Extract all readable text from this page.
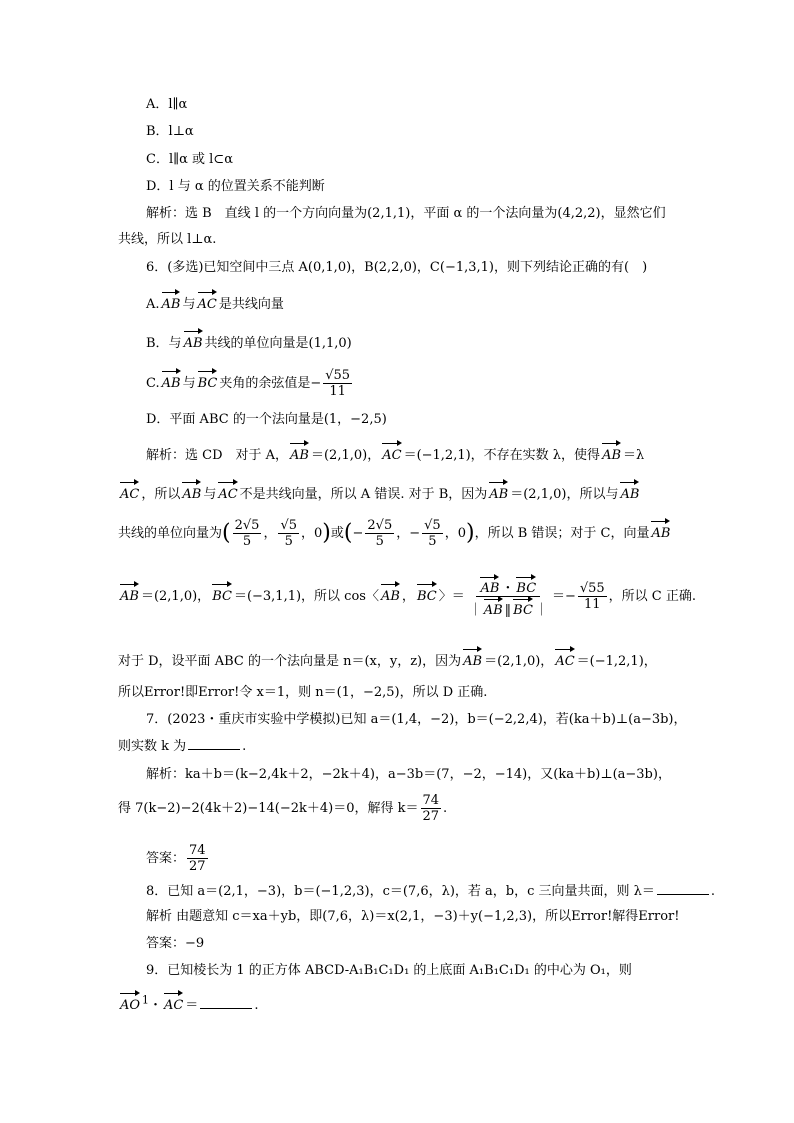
A．l∥α
B．l⊥α
C．l∥α 或 l⊂α
D．l 与 α 的位置关系不能判断
解析：选 B　直线 l 的一个方向向量为(2,1,1)，平面 α 的一个法向量为(4,2,2)，显然它们
共线，所以 l⊥α.
6．(多选)已知空间中三点 A(0,1,0)，B(2,2,0)，C(−1,3,1)，则下列结论正确的有(　)
A. AB 与 AC 是共线向量
B．与 AB 共线的单位向量是(1,1,0)
C. AB 与 BC 夹角的余弦值是− $\frac{√55}{11}$
D．平面 ABC 的一个法向量是(1，−2,5)
解析：选 CD　对于 A， AB ＝(2,1,0)， AC ＝(−1,2,1)，不存在实数 λ，使得 AB ＝λ
AC ，所以 AB 与 AC 不是共线向量，所以 A 错误. 对于 B，因为 AB ＝(2,1,0)，所以与 AB
共线的单位向量为( $\frac{2√5}{5}$ ， $\frac{√5}{5}$ ，0)或(− $\frac{2√5}{5}$ ，− $\frac{√5}{5}$ ，0)，所以 B 错误；对于 C，向量 AB
AB ＝(2,1,0)， BC ＝(−3,1,1)，所以 cos〈 AB ， BC 〉＝ $\frac{AB ・ BC}{| AB ‖ BC |} =- \frac{√55}{11}$ ，所以 C 正确.
对于 D，设平面 ABC 的一个法向量是 n＝(x，y，z)，因为 AB ＝(2,1,0)， AC ＝(−1,2,1)，
所以Error!即Error!令 x＝1，则 n＝(1，−2,5)，所以 D 正确.
7．(2023・重庆市实验中学模拟)已知 a＝(1,4，−2)，b＝(−2,2,4)，若(ka＋b)⊥(a−3b)，
则实数 k 为	.
解析：ka＋b＝(k−2,4k＋2，−2k＋4)，a−3b＝(7，−2，−14)，又(ka＋b)⊥(a−3b)，
得 7(k−2)−2(4k＋2)−14(−2k＋4)＝0，解得 $k= \frac{74}{27}$ .
答案： $\frac{74}{27}$
8．已知 a＝(2,1，−3)，b＝(−1,2,3)，c＝(7,6，λ)，若 a，b，c 三向量共面，则 λ＝	.
解析 由题意知 c＝xa＋yb，即(7,6，λ)＝x(2,1，−3)＋y(−1,2,3)，所以Error!解得Error!
答案：−9
9．已知棱长为 1 的正方体 ABCD-A₁B₁C₁D₁ 的上底面 A₁B₁C₁D₁ 的中心为 O₁，则
AO $^1$・ AC ＝	.
